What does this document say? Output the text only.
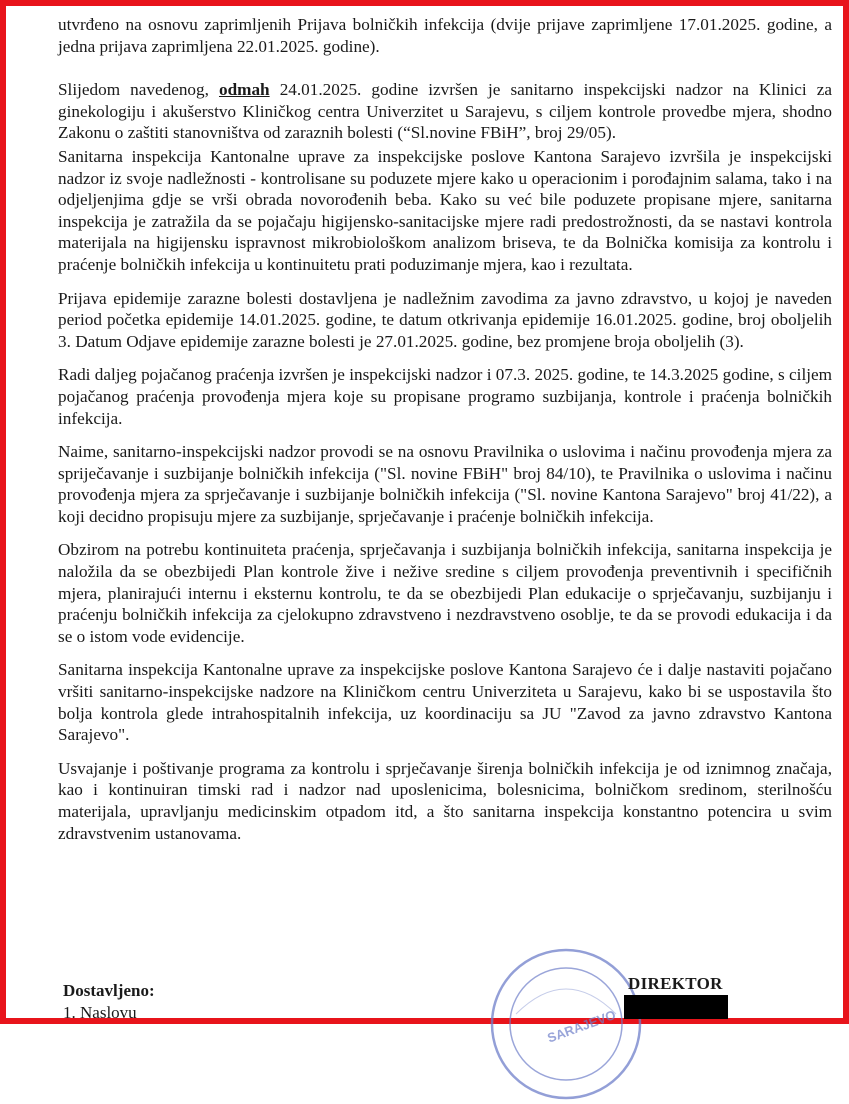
utvrđeno na osnovu zaprimljenih Prijava bolničkih infekcija (dvije prijave zaprimljene 17.01.2025. godine, a jedna prijava zaprimljena 22.01.2025. godine).

Slijedom navedenog, odmah 24.01.2025. godine izvršen je sanitarno inspekcijski nadzor na Klinici za ginekologiju i akušerstvo Kliničkog centra Univerzitet u Sarajevu, s ciljem kontrole provedbe mjera, shodno Zakonu o zaštiti stanovništva od zaraznih bolesti (“Sl.novine FBiH”, broj 29/05).

Sanitarna inspekcija Kantonalne uprave za inspekcijske poslove Kantona Sarajevo izvršila je inspekcijski nadzor iz svoje nadležnosti - kontrolisane su poduzete mjere kako u operacionim i porođajnim salama, tako i na odjeljenjima gdje se vrši obrada novorođenih beba. Kako su već bile poduzete propisane mjere, sanitarna inspekcija je zatražila da se pojačaju higijensko-sanitacijske mjere radi predostrožnosti, da se nastavi kontrola materijala na higijensku ispravnost mikrobiološkom analizom briseva, te da Bolnička komisija za kontrolu i praćenje bolničkih infekcija u kontinuitetu prati poduzimanje mjera, kao i rezultata.

Prijava epidemije zarazne bolesti dostavljena je nadležnim zavodima za javno zdravstvo, u kojoj je naveden period početka epidemije 14.01.2025. godine, te datum otkrivanja epidemije 16.01.2025. godine, broj oboljelih 3. Datum Odjave epidemije zarazne bolesti je 27.01.2025. godine, bez promjene broja oboljelih (3).

Radi daljeg pojačanog praćenja izvršen je inspekcijski nadzor i 07.3. 2025. godine, te 14.3.2025 godine, s ciljem pojačanog praćenja provođenja mjera koje su propisane programo suzbijanja, kontrole i praćenja bolničkih infekcija.

Naime, sanitarno-inspekcijski nadzor provodi se na osnovu Pravilnika o uslovima i načinu provođenja mjera za spriječavanje i suzbijanje bolničkih infekcija ("Sl. novine FBiH" broj 84/10), te Pravilnika o uslovima i načinu provođenja mjera za sprječavanje i suzbijanje bolničkih infekcija ("Sl. novine Kantona Sarajevo" broj 41/22), a koji decidno propisuju mjere za suzbijanje, sprječavanje i praćenje bolničkih infekcija.

Obzirom na potrebu kontinuiteta praćenja, sprječavanja i suzbijanja bolničkih infekcija, sanitarna inspekcija je naložila da se obezbijedi Plan kontrole žive i nežive sredine s ciljem provođenja preventivnih i specifičnih mjera, planirajući internu i eksternu kontrolu, te da se obezbijedi Plan edukacije o sprječavanju, suzbijanju i praćenju bolničkih infekcija za cjelokupno zdravstveno i nezdravstveno osoblje, te da se provodi edukacija i da se o istom vode evidencije.

Sanitarna inspekcija Kantonalne uprave za inspekcijske poslove Kantona Sarajevo će i dalje nastaviti pojačano vršiti sanitarno-inspekcijske nadzore na Kliničkom centru Univerziteta u Sarajevu, kako bi se uspostavila što bolja kontrola glede intrahospitalnih infekcija, uz koordinaciju sa JU "Zavod za javno zdravstvo Kantona Sarajevo".

Usvajanje i poštivanje programa za kontrolu i sprječavanje širenja bolničkih infekcija je od iznimnog značaja, kao i kontinuiran timski rad i nadzor nad uposlenicima, bolesnicima, bolničkom sredinom, sterilnošću materijala, upravljanju medicinskim otpadom itd, a što sanitarna inspekcija konstantno potencira u svim zdravstvenim ustanovama.

Dostavljeno:
1. Naslovu	SARAJEVO
DIREKTOR
